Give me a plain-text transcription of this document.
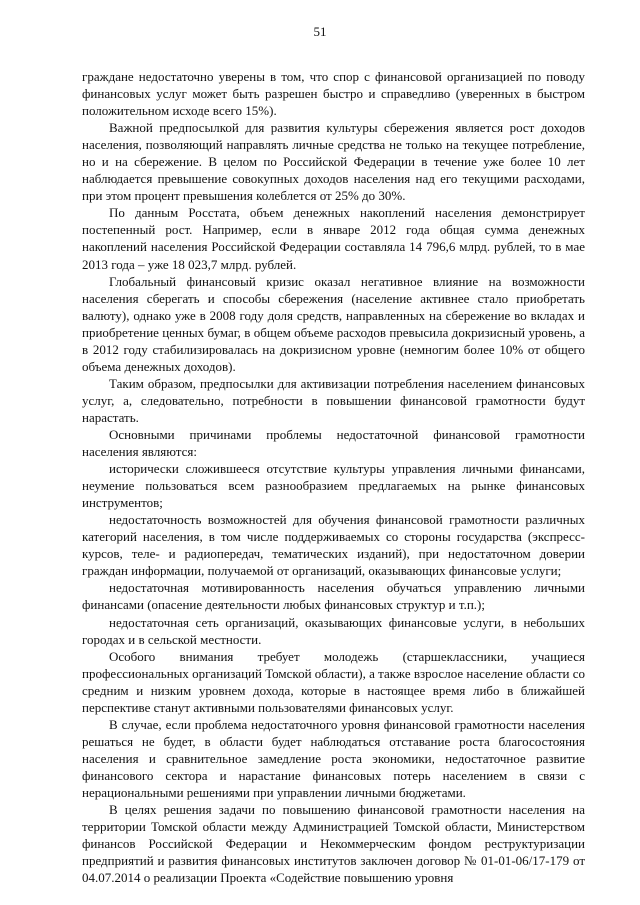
51

граждане недостаточно уверены в том, что спор с финансовой организацией по поводу финансовых услуг может быть разрешен быстро и справедливо (уверенных в быстром положительном исходе всего 15%).

Важной предпосылкой для развития культуры сбережения является рост доходов населения, позволяющий направлять личные средства не только на текущее потребление, но и на сбережение. В целом по Российской Федерации в течение уже более 10 лет наблюдается превышение совокупных доходов населения над его текущими расходами, при этом процент превышения колеблется от 25% до 30%.

По данным Росстата, объем денежных накоплений населения демонстрирует постепенный рост. Например, если в январе 2012 года общая сумма денежных накоплений населения Российской Федерации составляла 14 796,6 млрд. рублей, то в мае 2013 года – уже 18 023,7 млрд. рублей.

Глобальный финансовый кризис оказал негативное влияние на возможности населения сберегать и способы сбережения (население активнее стало приобретать валюту), однако уже в 2008 году доля средств, направленных на сбережение во вкладах и приобретение ценных бумаг, в общем объеме расходов превысила докризисный уровень, а в 2012 году стабилизировалась на докризисном уровне (немногим более 10% от общего объема денежных доходов).

Таким образом, предпосылки для активизации потребления населением финансовых услуг, а, следовательно, потребности в повышении финансовой грамотности будут нарастать.

Основными причинами проблемы недостаточной финансовой грамотности населения являются:

исторически сложившееся отсутствие культуры управления личными финансами, неумение пользоваться всем разнообразием предлагаемых на рынке финансовых инструментов;

недостаточность возможностей для обучения финансовой грамотности различных категорий населения, в том числе поддерживаемых со стороны государства (экспресс-курсов, теле- и радиопередач, тематических изданий), при недостаточном доверии граждан информации, получаемой от организаций, оказывающих финансовые услуги;

недостаточная мотивированность населения обучаться управлению личными финансами (опасение деятельности любых финансовых структур и т.п.);

недостаточная сеть организаций, оказывающих финансовые услуги, в небольших городах и в сельской местности.

Особого внимания требует молодежь (старшеклассники, учащиеся профессиональных организаций Томской области), а также взрослое население области со средним и низким уровнем дохода, которые в настоящее время либо в ближайшей перспективе станут активными пользователями финансовых услуг.

В случае, если проблема недостаточного уровня финансовой грамотности населения решаться не будет, в области будет наблюдаться отставание роста благосостояния населения и сравнительное замедление роста экономики, недостаточное развитие финансового сектора и нарастание финансовых потерь населением в связи с нерациональными решениями при управлении личными бюджетами.

В целях решения задачи по повышению финансовой грамотности населения на территории Томской области между Администрацией Томской области, Министерством финансов Российской Федерации и Некоммерческим фондом реструктуризации предприятий и развития финансовых институтов заключен договор № 01-01-06/17-179 от 04.07.2014 о реализации Проекта «Содействие повышению уровня
